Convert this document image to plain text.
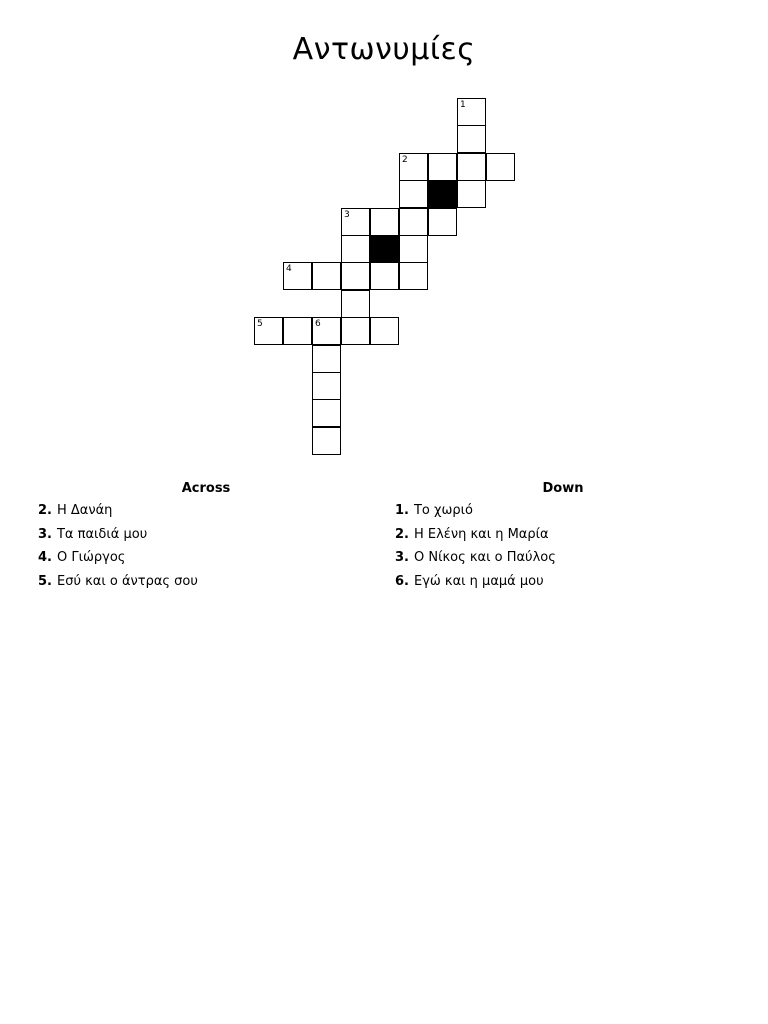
Αντωνυμίες
1
2
3
4
5	6
Across
2. Η Δανάη
3. Τα παιδιά μου
4. Ο Γιώργος
5. Εσύ και ο άντρας σου
Down
1. Το χωριό
2. Η Ελένη και η Μαρία
3. Ο Νίκος και ο Παύλος
6. Εγώ και η μαμά μου
